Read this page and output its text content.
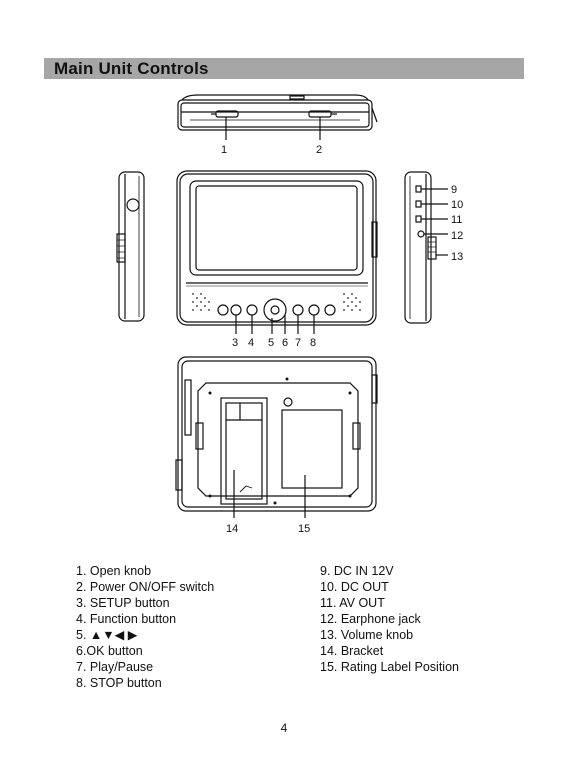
Main Unit Controls
1	2
3 4 5 6 7 8
9
10
11
12
13
14	15
1. Open knob
2. Power ON/OFF switch
3. SETUP button
4. Function button
5. ▲▼◀ ▶
6.OK button
7. Play/Pause
8. STOP button
9. DC IN 12V
10. DC OUT
11. AV OUT
12. Earphone jack
13. Volume knob
14. Bracket
15. Rating Label Position
4
